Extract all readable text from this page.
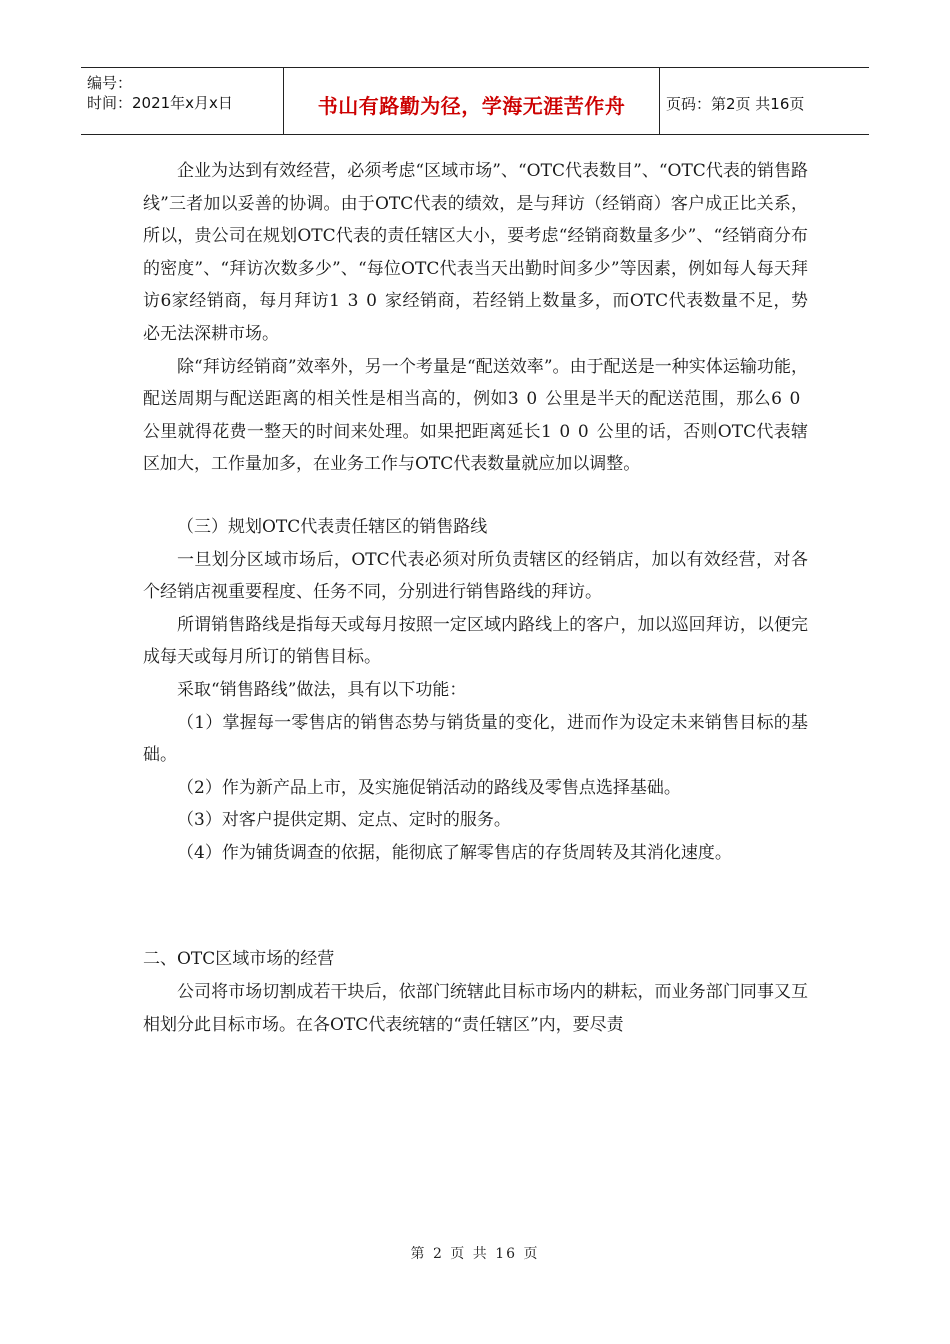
编号：
时间：2021年x月x日	书山有路勤为径，学海无涯苦作舟	页码：第2页 共16页

企业为达到有效经营，必须考虑“区域市场”、“OTC代表数目”、“OTC代表的销售路线”三者加以妥善的协调。由于OTC代表的绩效，是与拜访（经销商）客户成正比关系，所以，贵公司在规划OTC代表的责任辖区大小，要考虑“经销商数量多少”、“经销商分布的密度”、“拜访次数多少”、“每位OTC代表当天出勤时间多少”等因素，例如每人每天拜访6家经销商，每月拜访130家经销商，若经销上数量多，而OTC代表数量不足，势必无法深耕市场。

除“拜访经销商”效率外，另一个考量是“配送效率”。由于配送是一种实体运输功能，配送周期与配送距离的相关性是相当高的，例如30公里是半天的配送范围，那么60公里就得花费一整天的时间来处理。如果把距离延长100公里的话，否则OTC代表辖区加大，工作量加多，在业务工作与OTC代表数量就应加以调整。

（三）规划OTC代表责任辖区的销售路线

一旦划分区域市场后，OTC代表必须对所负责辖区的经销店，加以有效经营，对各个经销店视重要程度、任务不同，分别进行销售路线的拜访。

所谓销售路线是指每天或每月按照一定区域内路线上的客户，加以巡回拜访，以便完成每天或每月所订的销售目标。

采取“销售路线”做法，具有以下功能：

（1）掌握每一零售店的销售态势与销货量的变化，进而作为设定未来销售目标的基础。

（2）作为新产品上市，及实施促销活动的路线及零售点选择基础。

（3）对客户提供定期、定点、定时的服务。

（4）作为铺货调查的依据，能彻底了解零售店的存货周转及其消化速度。

二、OTC区域市场的经营

公司将市场切割成若干块后，依部门统辖此目标市场内的耕耘，而业务部门同事又互相划分此目标市场。在各OTC代表统辖的“责任辖区”内，要尽责

第 2 页 共 16 页
